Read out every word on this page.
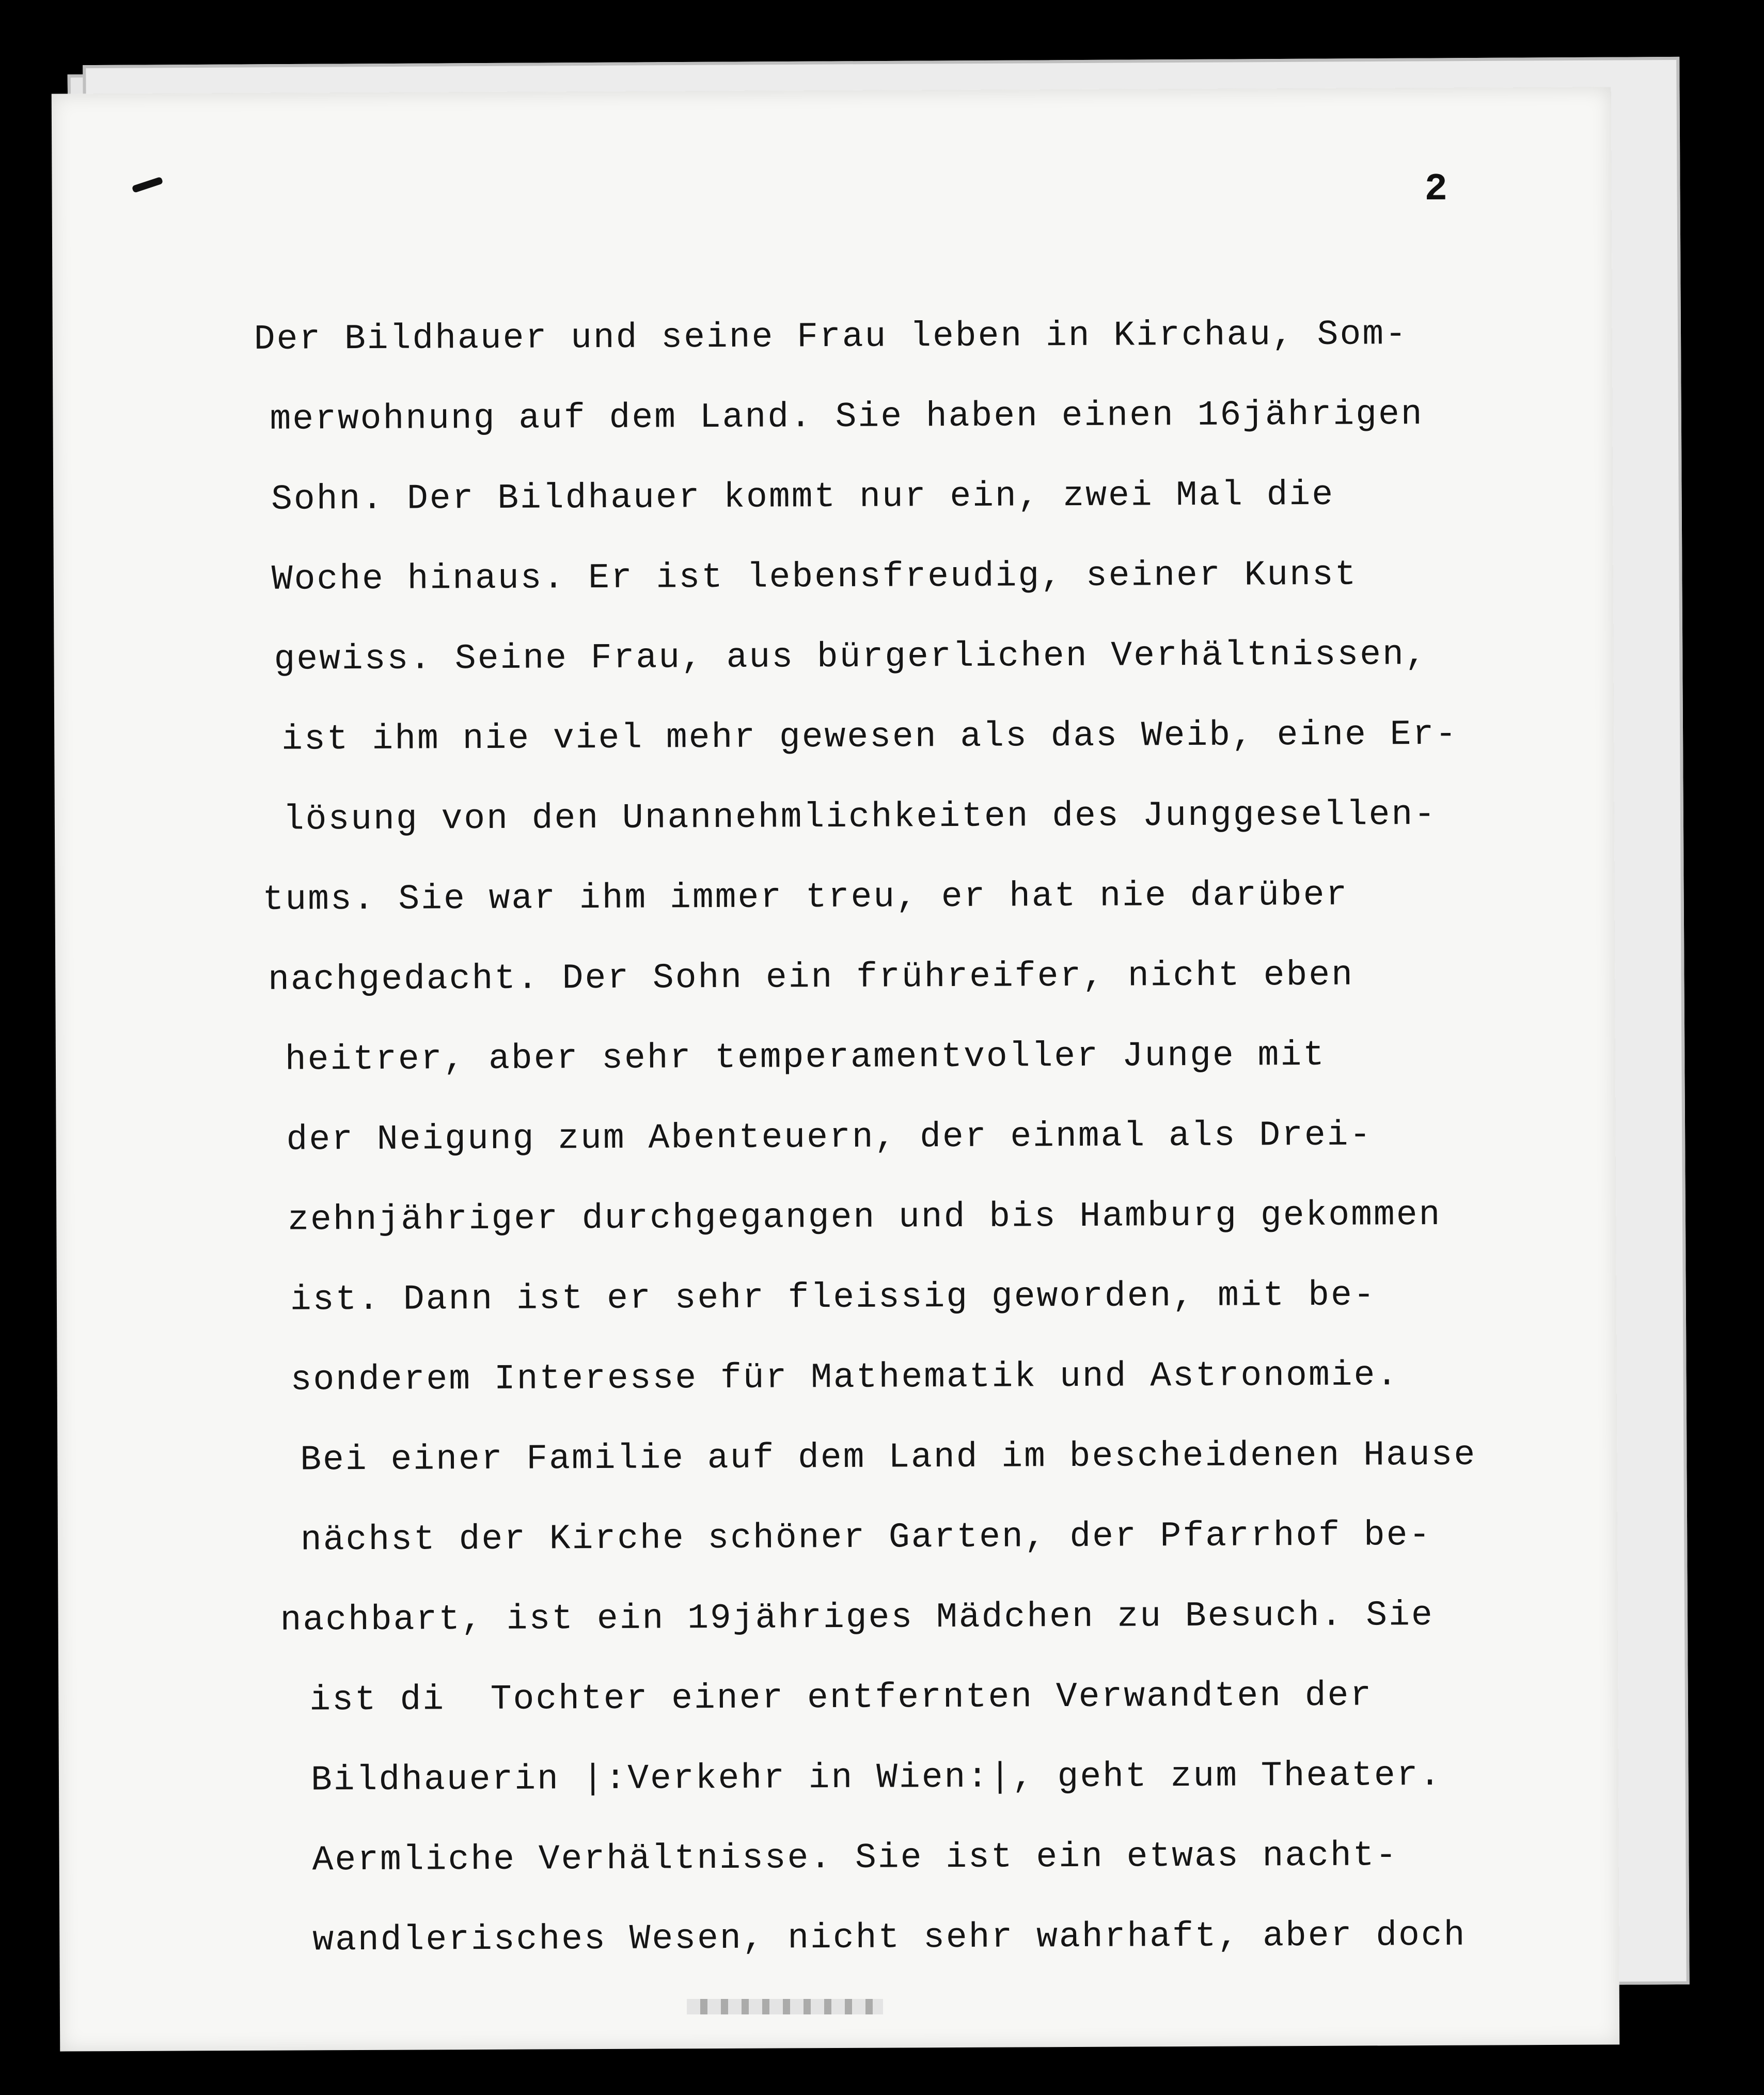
2
Der Bildhauer und seine Frau leben in Kirchau, Som-
merwohnung auf dem Land. Sie haben einen 16jährigen
Sohn. Der Bildhauer kommt nur ein, zwei Mal die
Woche hinaus. Er ist lebensfreudig, seiner Kunst
gewiss. Seine Frau, aus bürgerlichen Verhältnissen,
ist ihm nie viel mehr gewesen als das Weib, eine Er-
lösung von den Unannehmlichkeiten des Junggesellen-
tums. Sie war ihm immer treu, er hat nie darüber
nachgedacht. Der Sohn ein frühreifer, nicht eben
heitrer, aber sehr temperamentvoller Junge mit
der Neigung zum Abenteuern, der einmal als Drei-
zehnjähriger durchgegangen und bis Hamburg gekommen
ist. Dann ist er sehr fleissig geworden, mit be-
sonderem Interesse für Mathematik und Astronomie.
Bei einer Familie auf dem Land im bescheidenen Hause
nächst der Kirche schöner Garten, der Pfarrhof be-
nachbart, ist ein 19jähriges Mädchen zu Besuch. Sie
ist di  Tochter einer entfernten Verwandten der
Bildhauerin |:Verkehr in Wien:|, geht zum Theater.
Aermliche Verhältnisse. Sie ist ein etwas nacht-
wandlerisches Wesen, nicht sehr wahrhaft, aber doch
